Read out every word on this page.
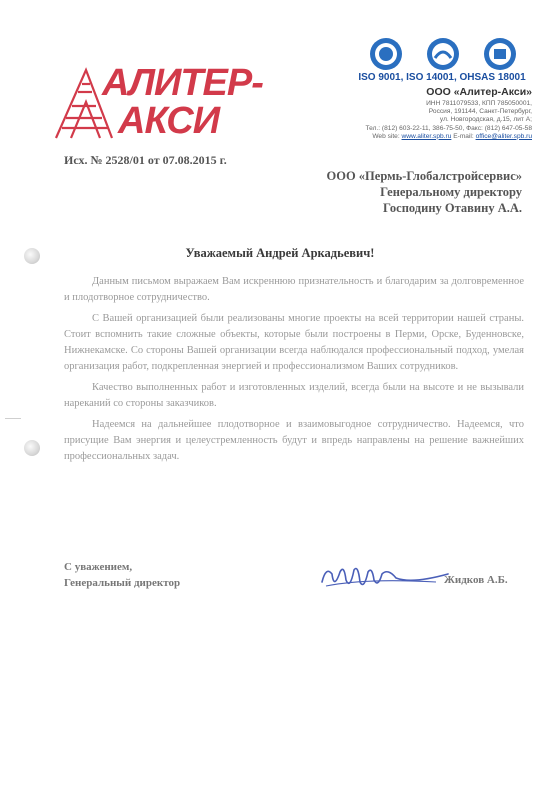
АЛИТЕР-
АКСИ
ISO 9001, ISO 14001, OHSAS 18001
ООО «Алитер-Акси»
ИНН 7811079533, КПП 785050001,
Россия, 191144, Санкт-Петербург,
ул. Новгородская, д.15, лит А;
Тел.: (812) 603-22-11, 386-75-50, Факс: (812) 647-05-58
Web site: www.aliter.spb.ru E-mail: office@aliter.spb.ru
Исх. № 2528/01 от 07.08.2015 г.
ООО «Пермь-Глобалстройсервис»
Генеральному директору
Господину Отавину А.А.
Уважаемый Андрей Аркадьевич!

Данным письмом выражаем Вам искреннюю признательность и благодарим за долговременное и плодотворное сотрудничество.

С Вашей организацией были реализованы многие проекты на всей территории нашей страны. Стоит вспомнить такие сложные объекты, которые были построены в Перми, Орске, Буденновске, Нижнекамске. Со стороны Вашей организации всегда наблюдался профессиональный подход, умелая организация работ, подкрепленная энергией и профессионализмом Ваших сотрудников.

Качество выполненных работ и изготовленных изделий, всегда были на высоте и не вызывали нареканий со стороны заказчиков.

Надеемся на дальнейшее плодотворное и взаимовыгодное сотрудничество. Надеемся, что присущие Вам энергия и целеустремленность будут и впредь направлены на решение важнейших профессиональных задач.

С уважением,
Генеральный директор	Жидков А.Б.
